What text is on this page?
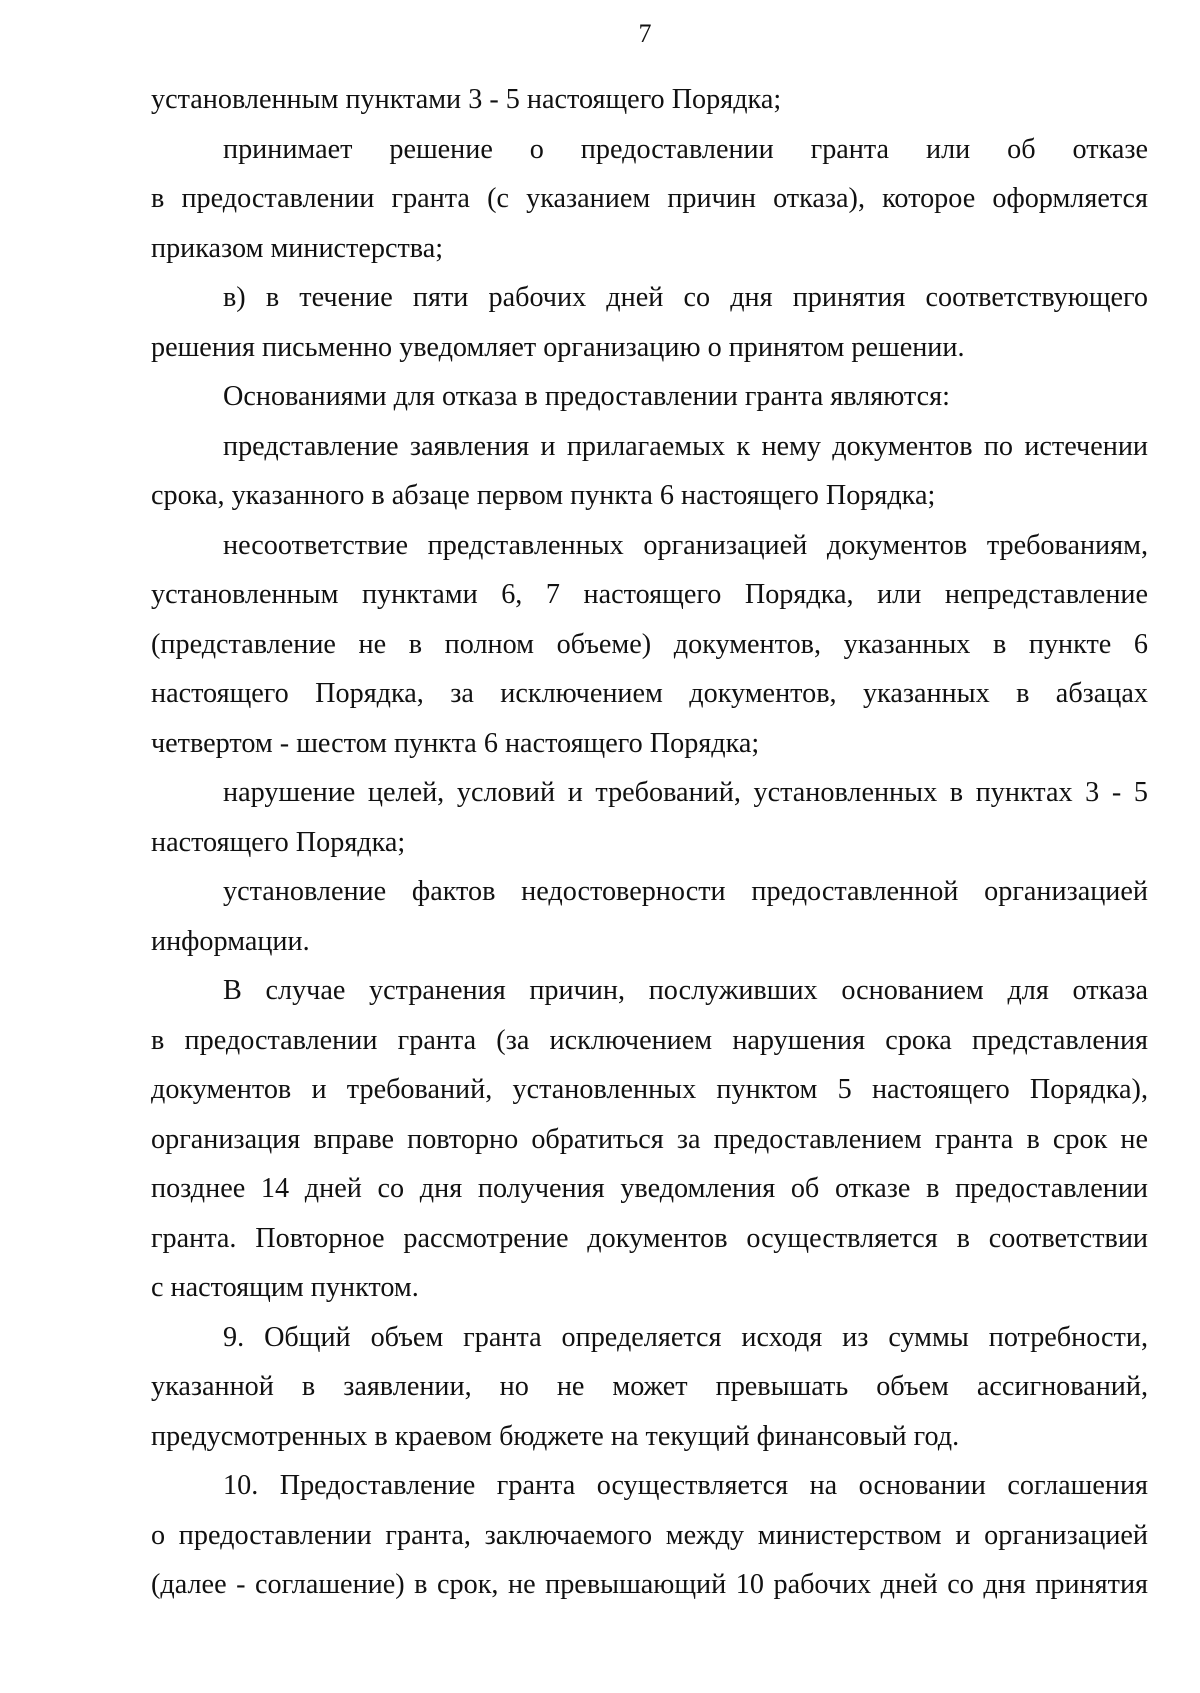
7
установленным пунктами 3 - 5 настоящего Порядка;
принимает решение о предоставлении гранта или об отказе
в предоставлении гранта (с указанием причин отказа), которое оформляется
приказом министерства;
в) в течение пяти рабочих дней со дня принятия соответствующего
решения письменно уведомляет организацию о принятом решении.
Основаниями для отказа в предоставлении гранта являются:
представление заявления и прилагаемых к нему документов по истечении
срока, указанного в абзаце первом пункта 6 настоящего Порядка;
несоответствие представленных организацией документов требованиям,
установленным пунктами 6, 7 настоящего Порядка, или непредставление
(представление не в полном объеме) документов, указанных в пункте 6
настоящего Порядка, за исключением документов, указанных в абзацах
четвертом - шестом пункта 6 настоящего Порядка;
нарушение целей, условий и требований, установленных в пунктах 3 - 5
настоящего Порядка;
установление фактов недостоверности предоставленной организацией
информации.
В случае устранения причин, послуживших основанием для отказа
в предоставлении гранта (за исключением нарушения срока представления
документов и требований, установленных пунктом 5 настоящего Порядка),
организация вправе повторно обратиться за предоставлением гранта в срок не
позднее 14 дней со дня получения уведомления об отказе в предоставлении
гранта. Повторное рассмотрение документов осуществляется в соответствии
с настоящим пунктом.
9. Общий объем гранта определяется исходя из суммы потребности,
указанной в заявлении, но не может превышать объем ассигнований,
предусмотренных в краевом бюджете на текущий финансовый год.
10. Предоставление гранта осуществляется на основании соглашения
о предоставлении гранта, заключаемого между министерством и организацией
(далее - соглашение) в срок, не превышающий 10 рабочих дней со дня принятия
